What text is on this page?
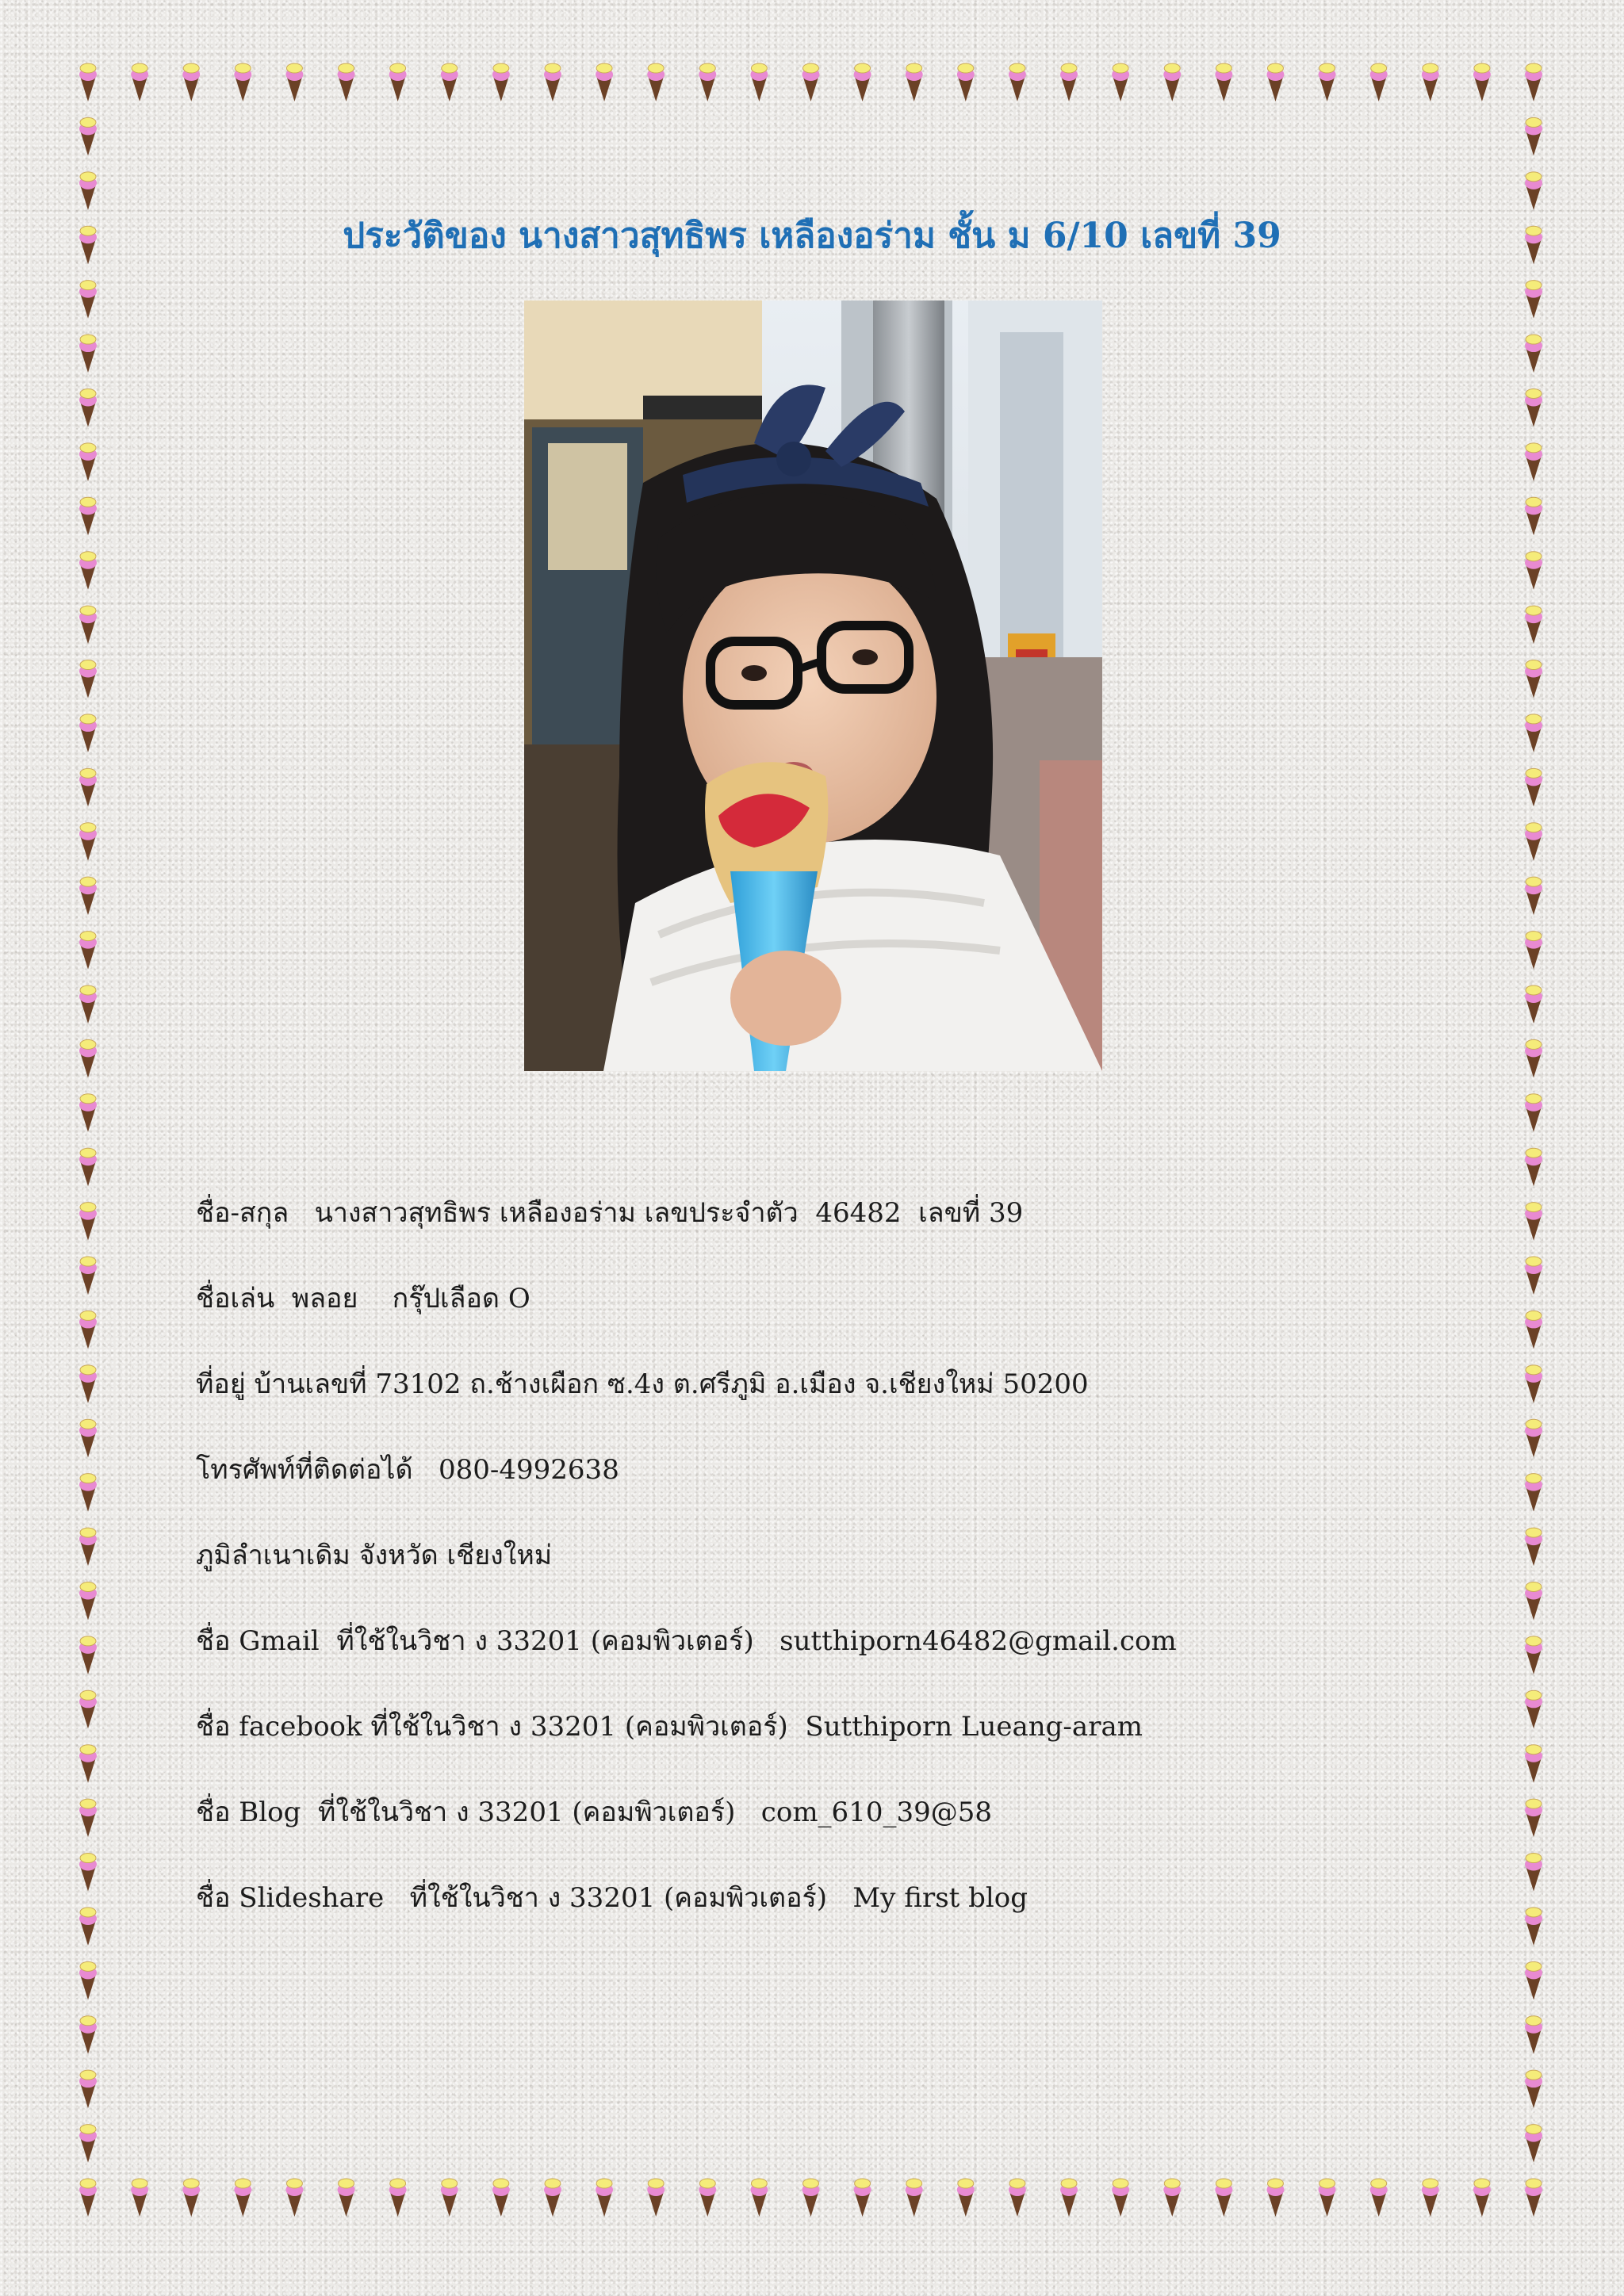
ประวัติของ นางสาวสุทธิพร เหลืองอร่าม ชั้น ม 6/10 เลขที่ 39
ชื่อ-สกุล   นางสาวสุทธิพร เหลืองอร่าม เลขประจำตัว  46482  เลขที่ 39
ชื่อเล่น  พลอย    กรุ๊ปเลือด O
ที่อยู่ บ้านเลขที่ 73102 ถ.ช้างเผือก ซ.4ง ต.ศรีภูมิ อ.เมือง จ.เชียงใหม่ 50200
โทรศัพท์ที่ติดต่อได้   080-4992638
ภูมิลำเนาเดิม จังหวัด เชียงใหม่
ชื่อ Gmail  ที่ใช้ในวิชา ง 33201 (คอมพิวเตอร์)   sutthiporn46482@gmail.com
ชื่อ facebook ที่ใช้ในวิชา ง 33201 (คอมพิวเตอร์)  Sutthiporn Lueang-aram
ชื่อ Blog  ที่ใช้ในวิชา ง 33201 (คอมพิวเตอร์)   com_610_39@58
ชื่อ Slideshare   ที่ใช้ในวิชา ง 33201 (คอมพิวเตอร์)   My first blog
